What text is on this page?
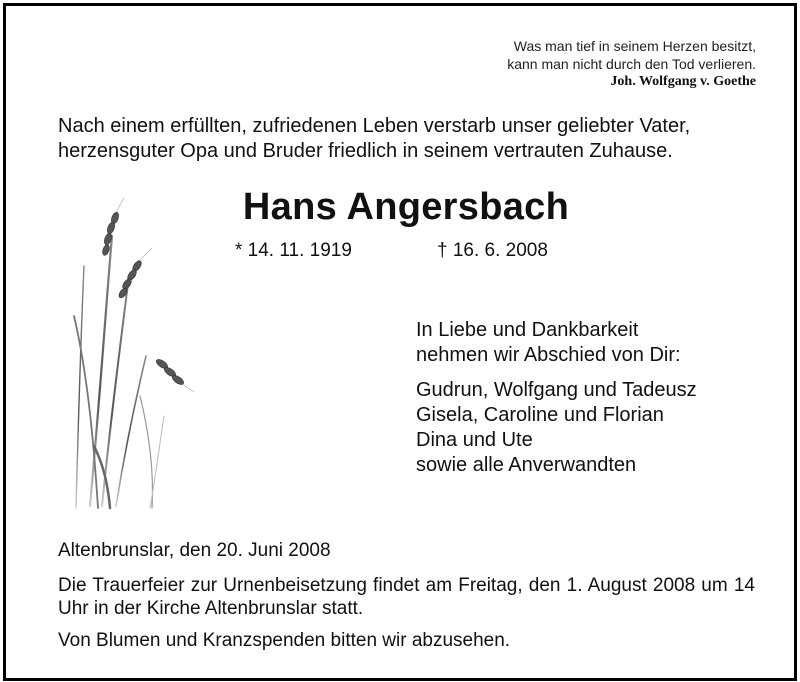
Was man tief in seinem Herzen besitzt,
kann man nicht durch den Tod verlieren.
Joh. Wolfgang v. Goethe
Nach einem erfüllten, zufriedenen Leben verstarb unser geliebter Vater,
herzensguter Opa und Bruder friedlich in seinem vertrauten Zuhause.
Hans Angersbach
* 14. 11. 1919	† 16. 6. 2008
In Liebe und Dankbarkeit
nehmen wir Abschied von Dir:
Gudrun, Wolfgang und Tadeusz
Gisela, Caroline und Florian
Dina und Ute
sowie alle Anverwandten
Altenbrunslar, den 20. Juni 2008
Die Trauerfeier zur Urnenbeisetzung findet am Freitag, den 1. August 2008 um 14 Uhr in der Kirche Altenbrunslar statt.
Von Blumen und Kranzspenden bitten wir abzusehen.
